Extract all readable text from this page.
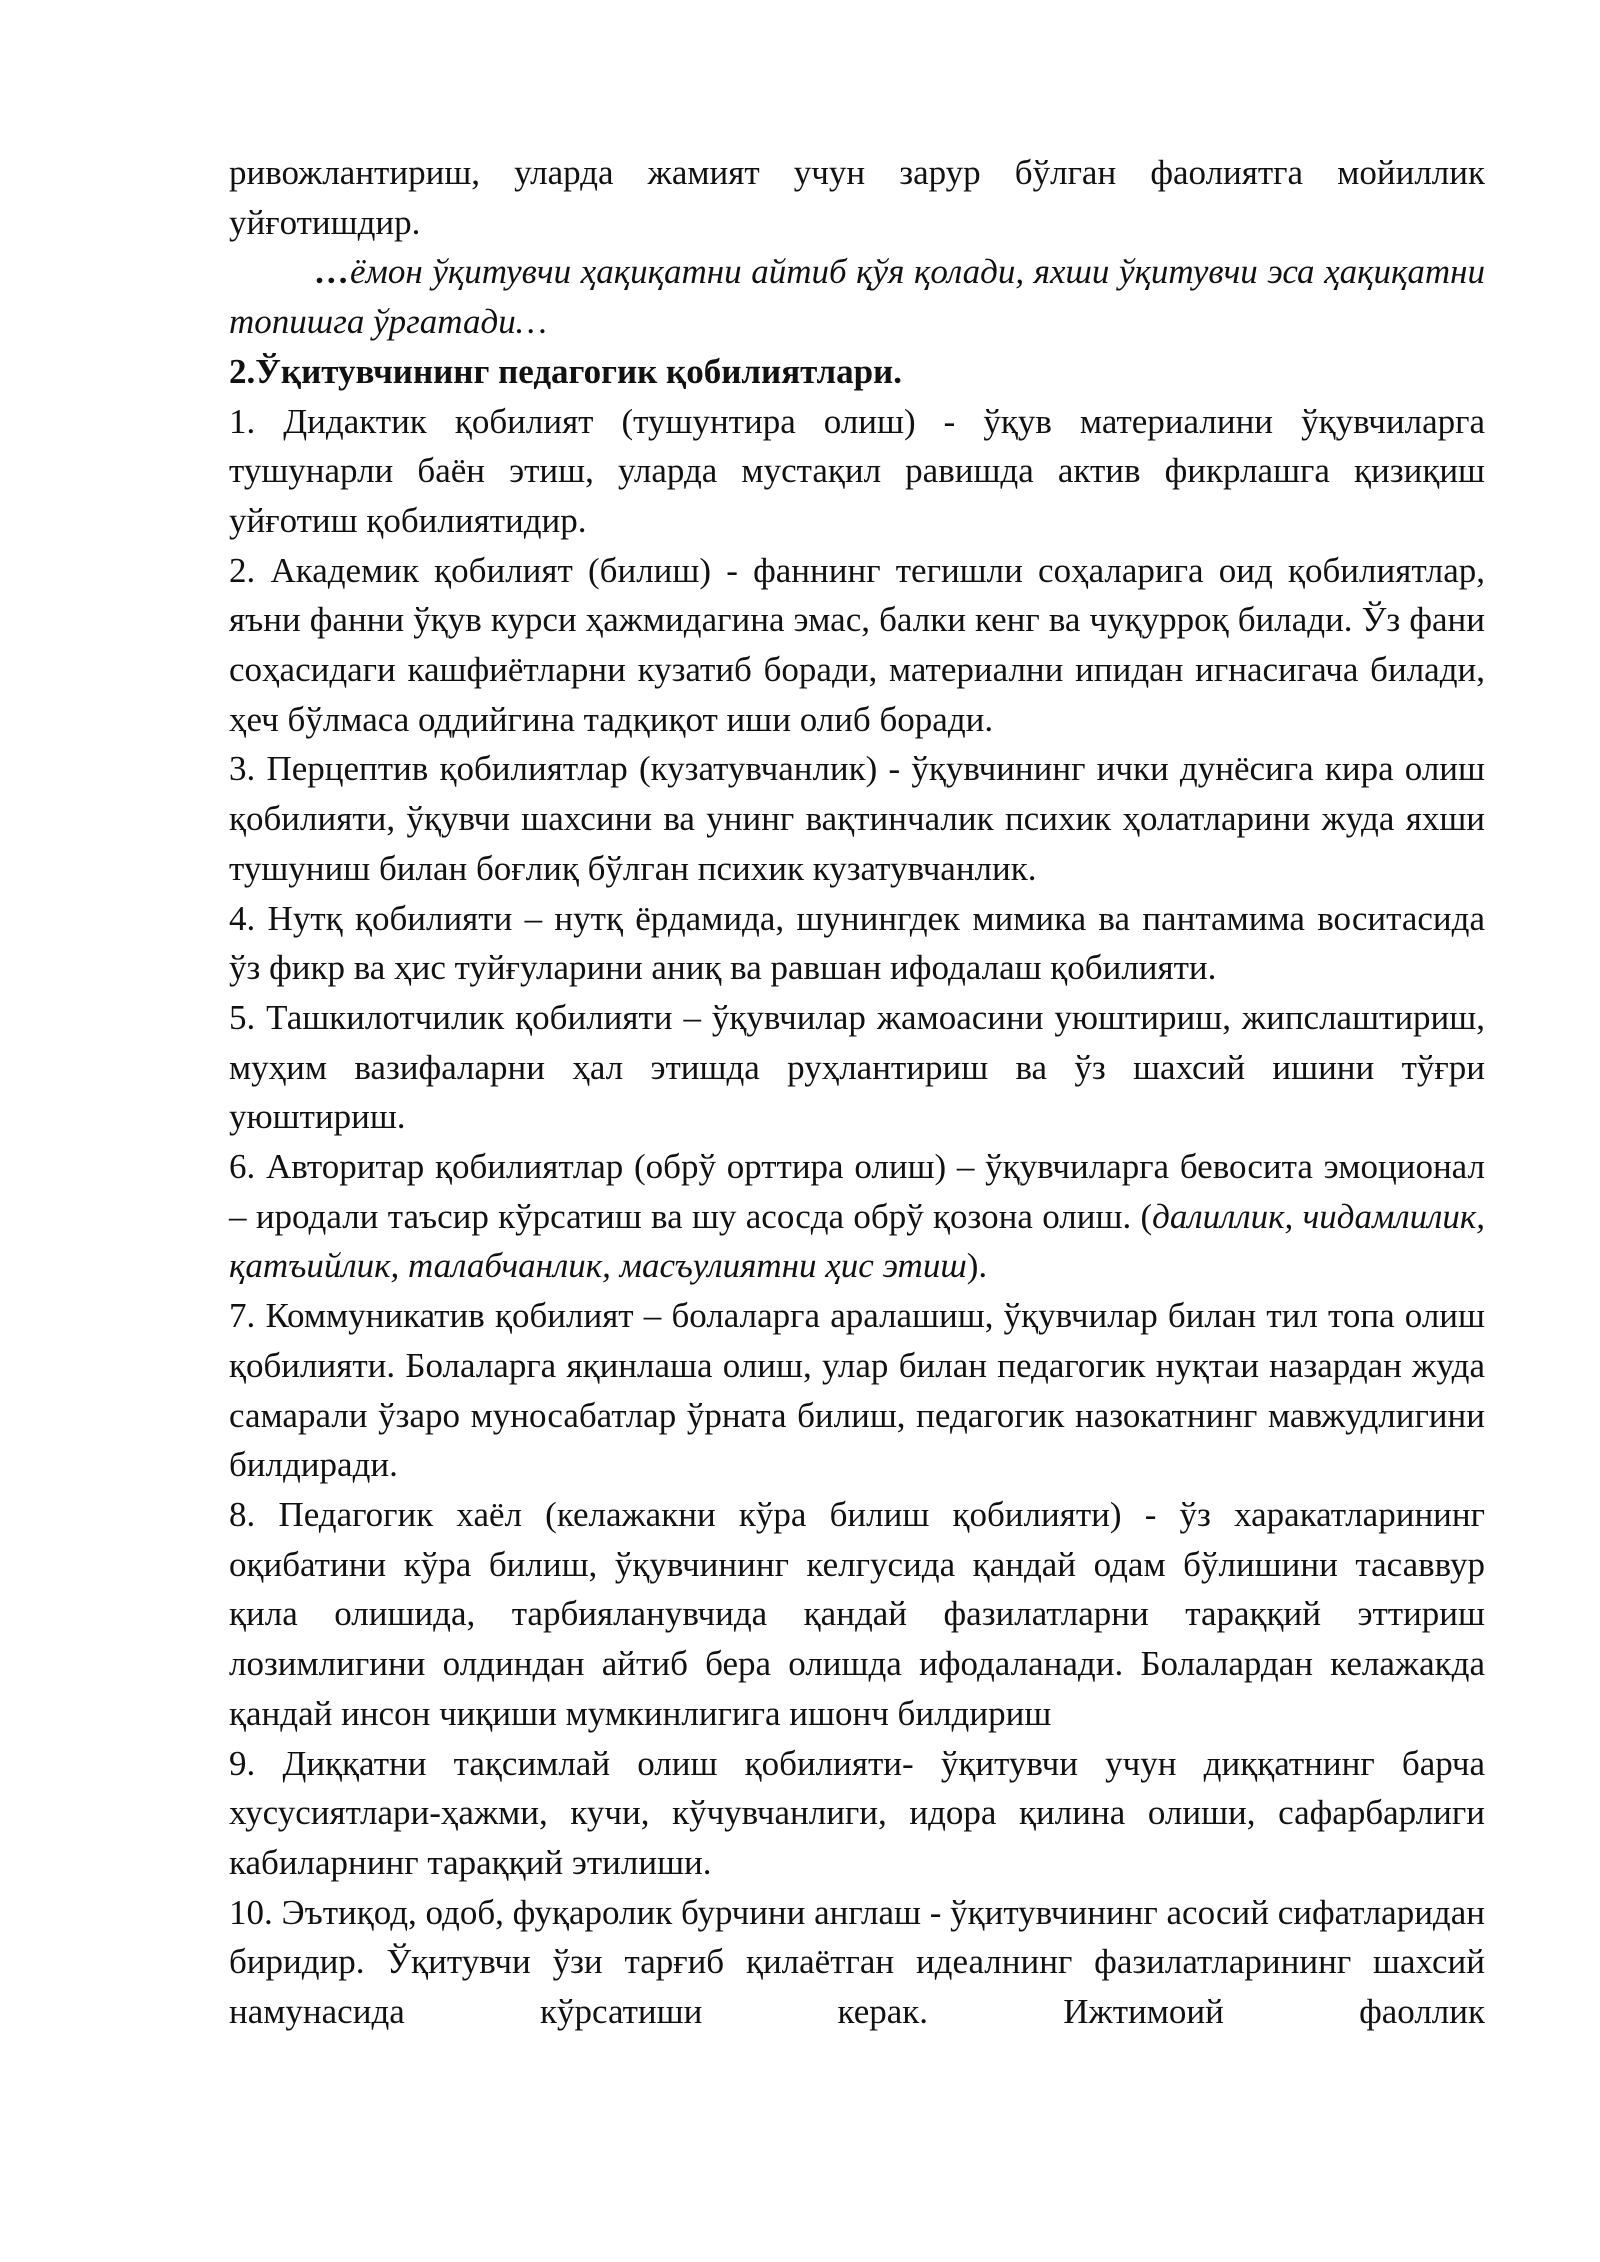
ривожлантириш, уларда жамият учун зарур бўлган фаолиятга мойиллик уйғотишдир.

…ёмон ўқитувчи ҳақиқатни айтиб қўя қолади, яхши ўқитувчи эса ҳақиқатни топишга ўргатади…

2.Ўқитувчининг педагогик қобилиятлари.

1. Дидактик қобилият (тушунтира олиш) - ўқув материалини ўқувчиларга тушунарли баён этиш, уларда мустақил равишда актив фикрлашга қизиқиш уйғотиш қобилиятидир.

2. Академик қобилият (билиш) - фаннинг тегишли соҳаларига оид қобилиятлар, яъни фанни ўқув курси ҳажмидагина эмас, балки кенг ва чуқурроқ билади. Ўз фани соҳасидаги кашфиётларни кузатиб боради, материални ипидан игнасигача билади, ҳеч бўлмаса оддийгина тадқиқот иши олиб боради.

3. Перцептив қобилиятлар (кузатувчанлик) - ўқувчининг ички дунёсига кира олиш қобилияти, ўқувчи шахсини ва унинг вақтинчалик психик ҳолатларини жуда яхши тушуниш билан боғлиқ бўлган психик кузатувчанлик.

4. Нутқ қобилияти – нутқ ёрдамида, шунингдек мимика ва пантамима воситасида ўз фикр ва ҳис туйғуларини аниқ ва равшан ифодалаш қобилияти.

5. Ташкилотчилик қобилияти – ўқувчилар жамоасини уюштириш, жипслаштириш, муҳим вазифаларни ҳал этишда руҳлантириш ва ўз шахсий ишини тўғри уюштириш.

6. Авторитар қобилиятлар (обрў орттира олиш) – ўқувчиларга бевосита эмоционал – иродали таъсир кўрсатиш ва шу асосда обрў қозона олиш. (далиллик, чидамлилик, қатъийлик, талабчанлик, масъулиятни ҳис этиш).

7. Коммуникатив қобилият – болаларга аралашиш, ўқувчилар билан тил топа олиш қобилияти. Болаларга яқинлаша олиш, улар билан педагогик нуқтаи назардан жуда самарали ўзаро муносабатлар ўрната билиш, педагогик назокатнинг мавжудлигини билдиради.

8. Педагогик хаёл (келажакни кўра билиш қобилияти) - ўз харакатларининг оқибатини кўра билиш, ўқувчининг келгусида қандай одам бўлишини тасаввур қила олишида, тарбияланувчида қандай фазилатларни тараққий эттириш лозимлигини олдиндан айтиб бера олишда ифодаланади. Болалардан келажакда қандай инсон чиқиши мумкинлигига ишонч билдириш

9. Диққатни тақсимлай олиш қобилияти- ўқитувчи учун диққатнинг барча хусусиятлари-ҳажми, кучи, кўчувчанлиги, идора қилина олиши, сафарбарлиги кабиларнинг тараққий этилиши.

10. Эътиқод, одоб, фуқаролик бурчини англаш - ўқитувчининг асосий сифатларидан биридир. Ўқитувчи ўзи тарғиб қилаётган идеалнинг фазилатларининг шахсий намунасида кўрсатиши керак. Ижтимоий фаоллик
